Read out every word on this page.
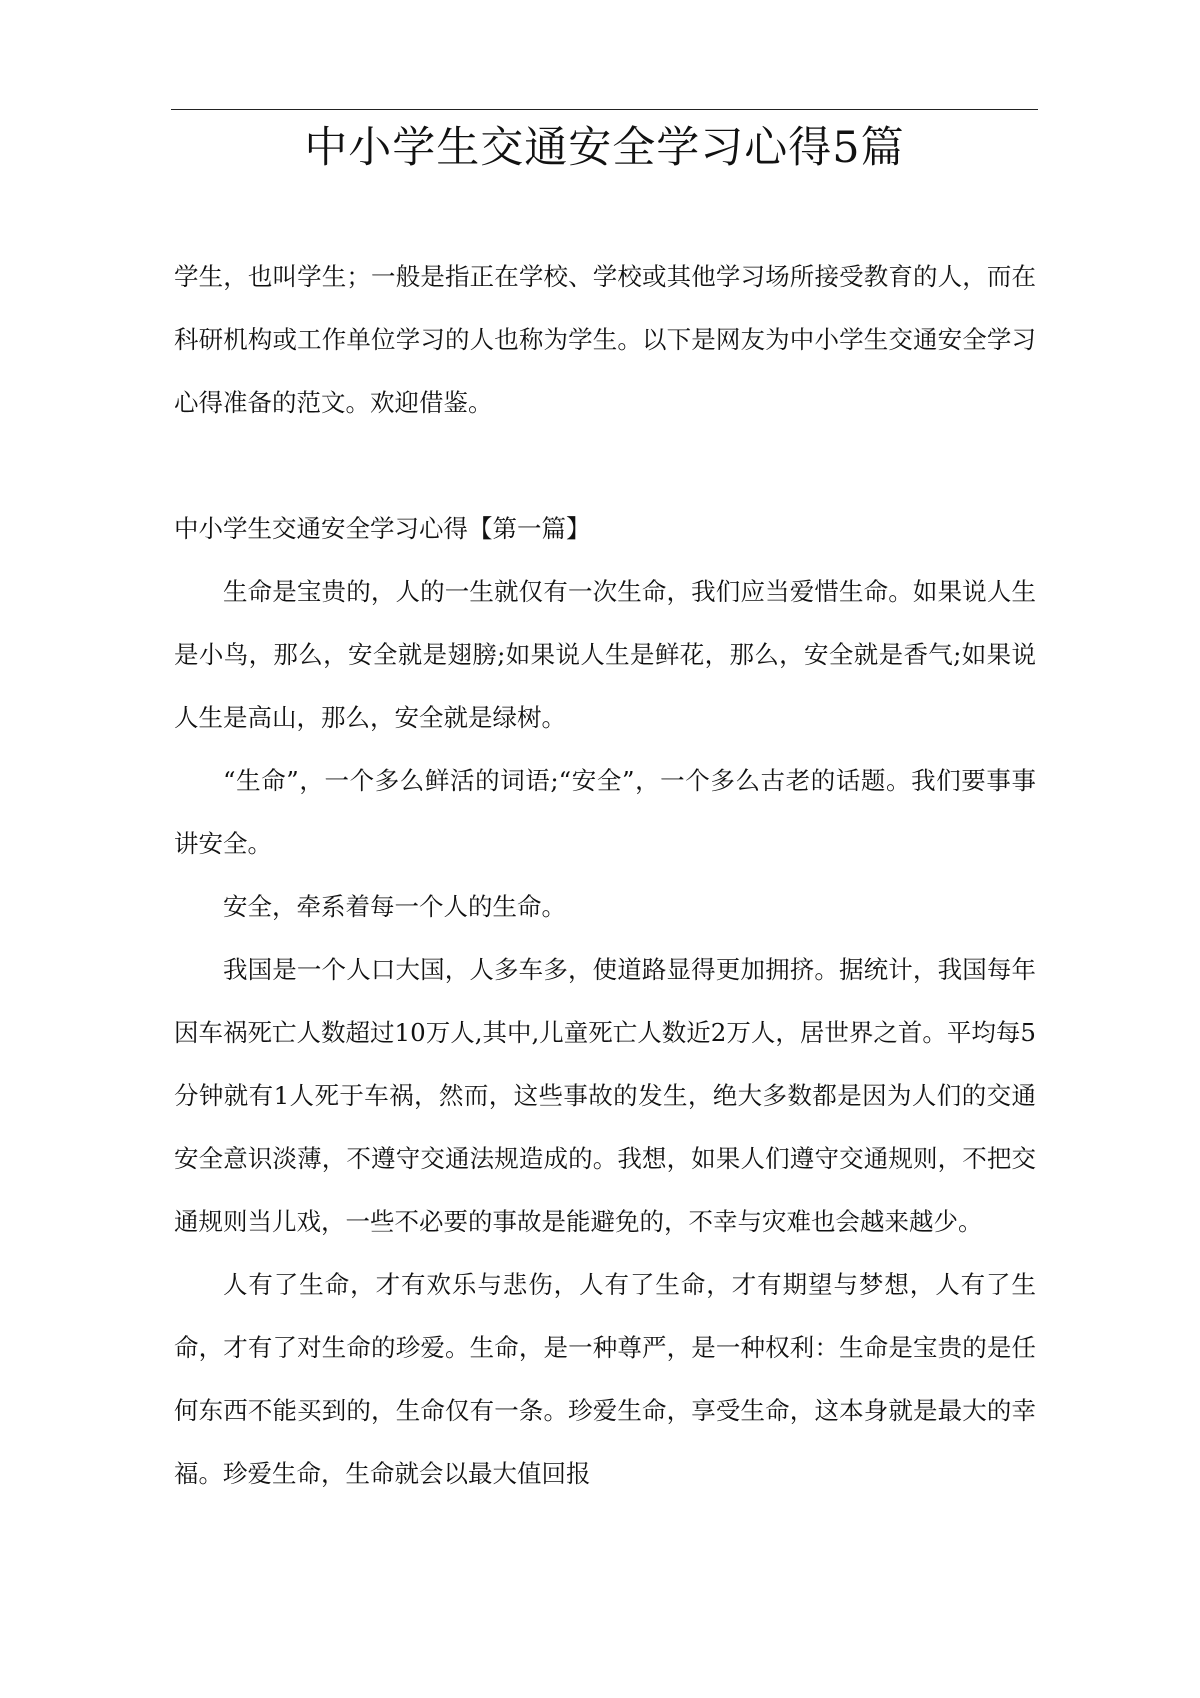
中小学生交通安全学习心得5篇

学生，也叫学生；一般是指正在学校、学校或其他学习场所接受教育的人，而在科研机构或工作单位学习的人也称为学生。以下是网友为中小学生交通安全学习心得准备的范文。欢迎借鉴。

中小学生交通安全学习心得【第一篇】

生命是宝贵的，人的一生就仅有一次生命，我们应当爱惜生命。如果说人生是小鸟，那么，安全就是翅膀;如果说人生是鲜花，那么，安全就是香气;如果说人生是高山，那么，安全就是绿树。

“生命”，一个多么鲜活的词语;“安全”，一个多么古老的话题。我们要事事讲安全。

安全，牵系着每一个人的生命。

我国是一个人口大国，人多车多，使道路显得更加拥挤。据统计，我国每年因车祸死亡人数超过10万人,其中,儿童死亡人数近2万人，居世界之首。平均每5分钟就有1人死于车祸，然而，这些事故的发生，绝大多数都是因为人们的交通安全意识淡薄，不遵守交通法规造成的。我想，如果人们遵守交通规则，不把交通规则当儿戏，一些不必要的事故是能避免的，不幸与灾难也会越来越少。

人有了生命，才有欢乐与悲伤，人有了生命，才有期望与梦想，人有了生命，才有了对生命的珍爱。生命，是一种尊严，是一种权利：生命是宝贵的是任何东西不能买到的，生命仅有一条。珍爱生命，享受生命，这本身就是最大的幸福。珍爱生命，生命就会以最大值回报
